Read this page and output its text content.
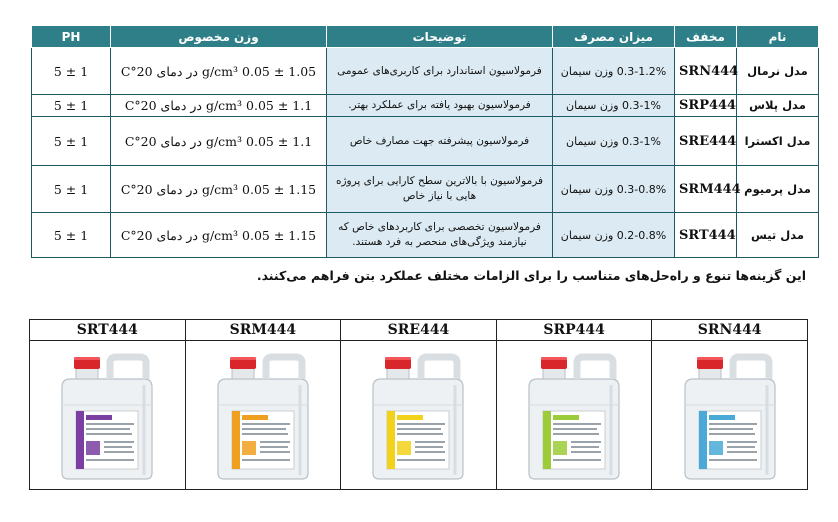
نام	مخفف	میزان مصرف	توضیحات	وزن مخصوص	PH
مدل نرمال	SRN444	0.3-1.2% وزن سیمان	فرمولاسیون استاندارد برای کاربری‌های عمومی	1.05 ± 0.05 g/cm³ در دمای 20°C	5 ± 1
مدل پلاس	SRP444	0.3-1% وزن سیمان	فرمولاسیون بهبود یافته برای عملکرد بهتر.	1.1 ± 0.05 g/cm³ در دمای 20°C	5 ± 1
مدل اکسترا	SRE444	0.3-1% وزن سیمان	فرمولاسیون پیشرفته جهت مصارف خاص	1.1 ± 0.05 g/cm³ در دمای 20°C	5 ± 1
مدل پرمیوم	SRM444	0.3-0.8% وزن سیمان	فرمولاسیون با بالاترین سطح کارایی برای پروژه هایی با نیاز خاص	1.15 ± 0.05 g/cm³ در دمای 20°C	5 ± 1
مدل تیس	SRT444	0.2-0.8% وزن سیمان	فرمولاسیون تخصصی برای کاربردهای خاص که نیازمند ویژگی‌های منحصر به فرد هستند.	1.15 ± 0.05 g/cm³ در دمای 20°C	5 ± 1
این گزینه‌ها تنوع و راه‌حل‌های متناسب را برای الزامات مختلف عملکرد بتن فراهم می‌کنند.
SRT444	SRM444	SRE444	SRP444	SRN444
